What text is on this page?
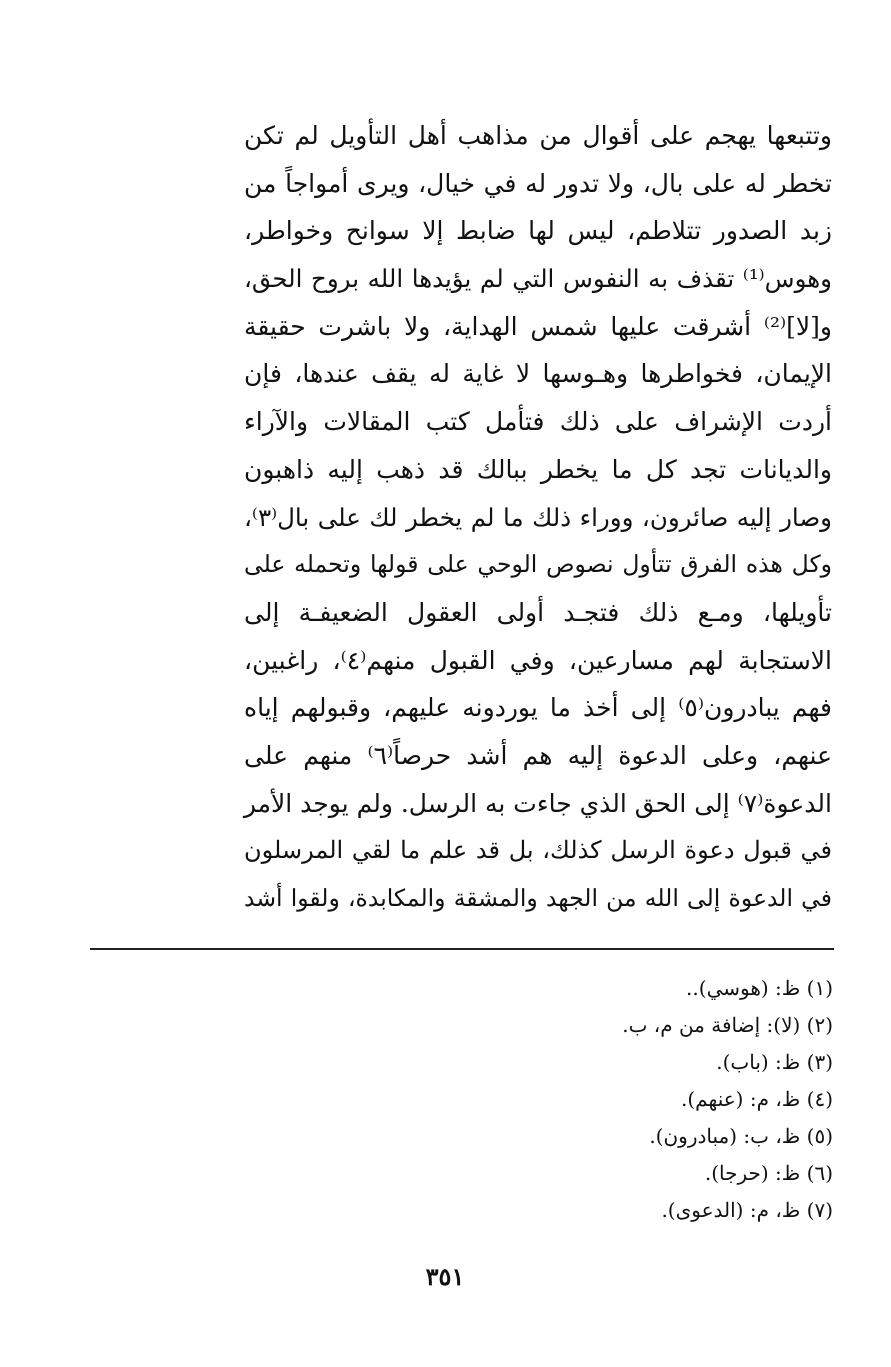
وتتبعها يهجم على أقوال من مذاهب أهل التأويل لم تكن
تخطر له على بال، ولا تدور له في خيال، ويرى أمواجاً من
زبد الصدور تتلاطم، ليس لها ضابط إلا سوانح وخواطر،
وهوس⁽¹⁾ تقذف به النفوس التي لم يؤيدها الله بروح الحق،
و[لا]⁽²⁾ أشرقت عليها شمس الهداية، ولا باشرت حقيقة
الإيمان، فخواطرها وهـوسها لا غاية له يقف عندها، فإن
أردت الإشراف على ذلك فتأمل كتب المقالات والآراء
والديانات تجد كل ما يخطر ببالك قد ذهب إليه ذاهبون
وصار إليه صائرون، ووراء ذلك ما لم يخطر لك على بال⁽٣⁾،
وكل هذه الفرق تتأول نصوص الوحي على قولها وتحمله على
تأويلها، ومـع ذلك فتجـد أولى العقول الضعيفـة إلى
الاستجابة لهم مسارعين، وفي القبول منهم⁽٤⁾، راغبين،
فهم يبادرون⁽٥⁾ إلى أخذ ما يوردونه عليهم، وقبولهم إياه
عنهم، وعلى الدعوة إليه هم أشد حرصاً⁽٦⁾ منهم على
الدعوة⁽٧⁾ إلى الحق الذي جاءت به الرسل. ولم يوجد الأمر
في قبول دعوة الرسل كذلك، بل قد علم ما لقي المرسلون
في الدعوة إلى الله من الجهد والمشقة والمكابدة، ولقوا أشد
(١) ظ: (هوسي)..
(٢) (لا): إضافة من م، ب.
(٣) ظ: (باب).
(٤) ظ، م: (عنهم).
(٥) ظ، ب: (مبادرون).
(٦) ظ: (حرجا).
(٧) ظ، م: (الدعوى).
٣٥١
